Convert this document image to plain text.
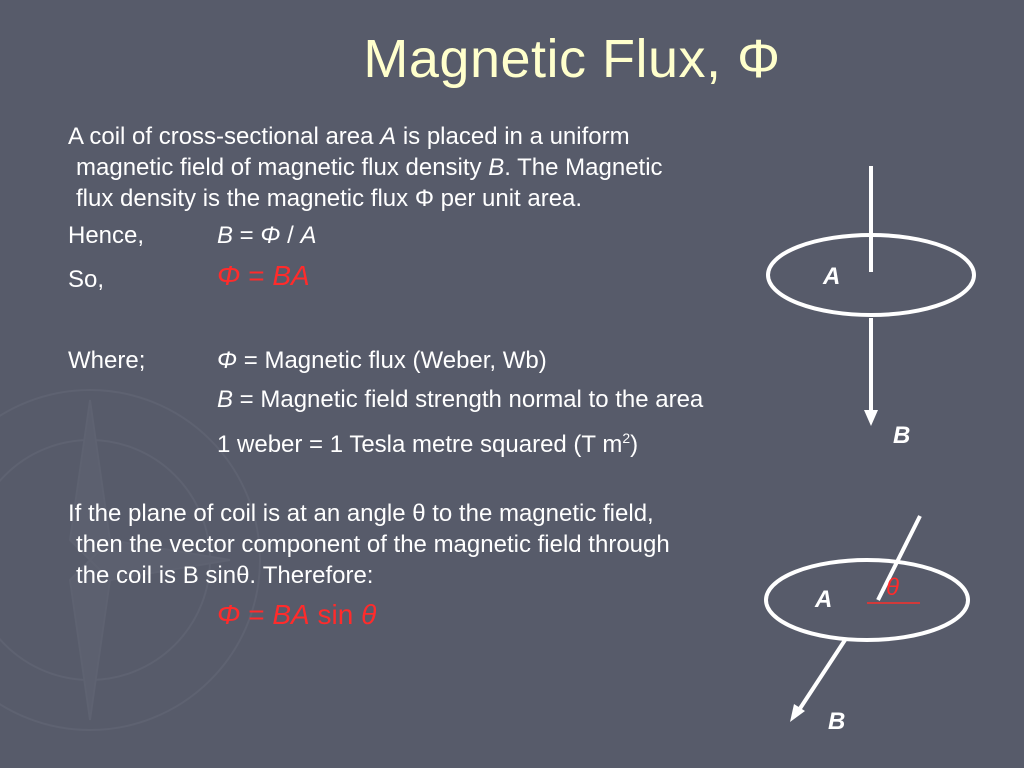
Magnetic Flux, Φ
A coil of cross-sectional area A is placed in a uniform
magnetic field of magnetic flux density B. The Magnetic
flux density is the magnetic flux Φ per unit area.
Hence,	B = Φ / A
So,	Φ = BA
Where;	Φ = Magnetic flux (Weber, Wb)
B = Magnetic field strength normal to the area
1 weber = 1 Tesla metre squared (T $m^2$)
If the plane of coil is at an angle θ to the magnetic field,
then the vector component of the magnetic field through
the coil is B sinθ. Therefore:
Φ = BA sin θ
A
B
A θ
B
